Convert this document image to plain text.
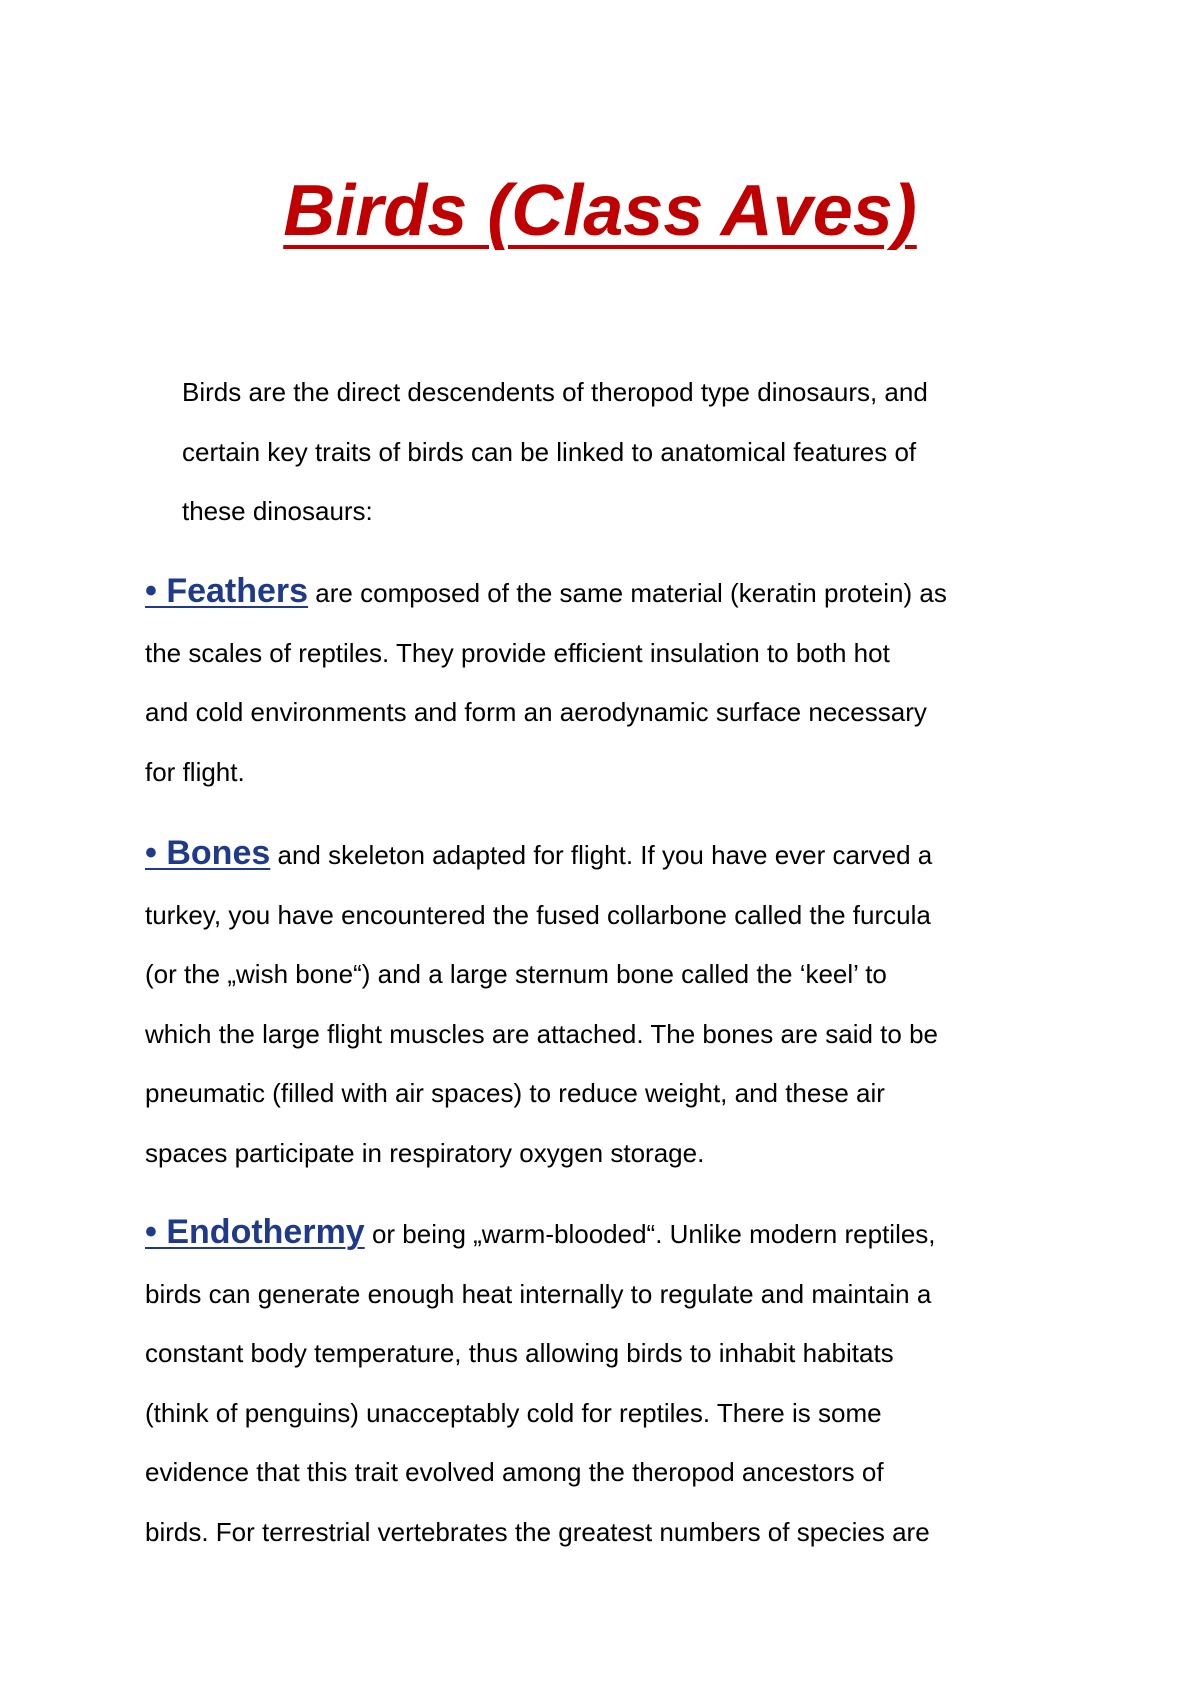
Birds (Class Aves)

Birds are the direct descendents of theropod type dinosaurs, and
certain key traits of birds can be linked to anatomical features of
these dinosaurs:

• Feathers are composed of the same material (keratin protein) as
the scales of reptiles. They provide efficient insulation to both hot
and cold environments and form an aerodynamic surface necessary
for flight.

• Bones and skeleton adapted for flight. If you have ever carved a
turkey, you have encountered the fused collarbone called the furcula
(or the „wish bone“) and a large sternum bone called the ‘keel’ to
which the large flight muscles are attached. The bones are said to be
pneumatic (filled with air spaces) to reduce weight, and these air
spaces participate in respiratory oxygen storage.

• Endothermy or being „warm-blooded“. Unlike modern reptiles,
birds can generate enough heat internally to regulate and maintain a
constant body temperature, thus allowing birds to inhabit habitats
(think of penguins) unacceptably cold for reptiles. There is some
evidence that this trait evolved among the theropod ancestors of
birds. For terrestrial vertebrates the greatest numbers of species are
